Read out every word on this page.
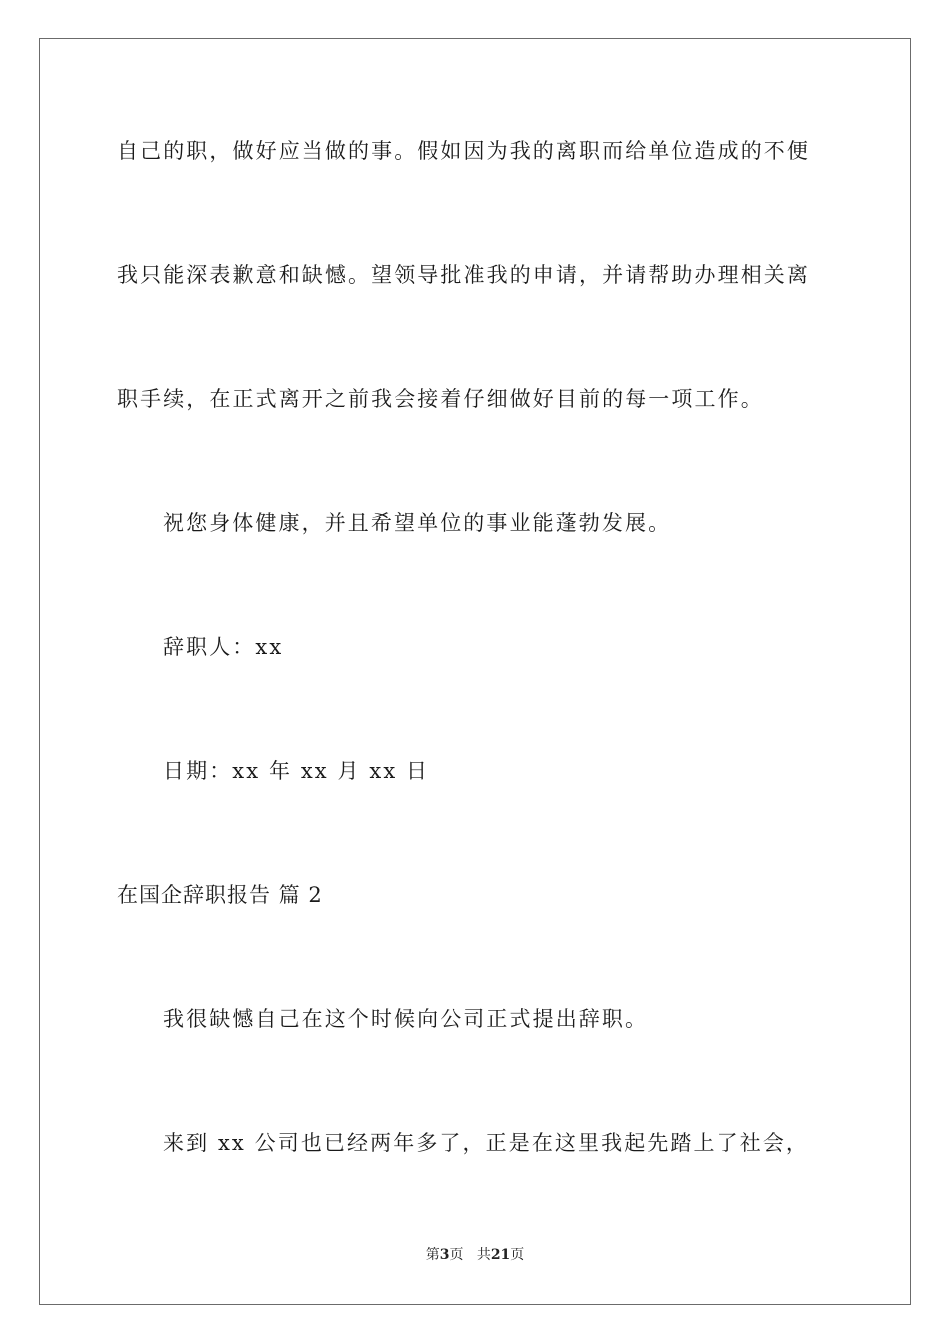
自己的职，做好应当做的事。假如因为我的离职而给单位造成的不便
我只能深表歉意和缺憾。望领导批准我的申请，并请帮助办理相关离
职手续，在正式离开之前我会接着仔细做好目前的每一项工作。
祝您身体健康，并且希望单位的事业能蓬勃发展。
辞职人：xx
日期：xx 年 xx 月 xx 日
在国企辞职报告 篇 2
我很缺憾自己在这个时候向公司正式提出辞职。
来到 xx 公司也已经两年多了，正是在这里我起先踏上了社会，
第3页 共21页
